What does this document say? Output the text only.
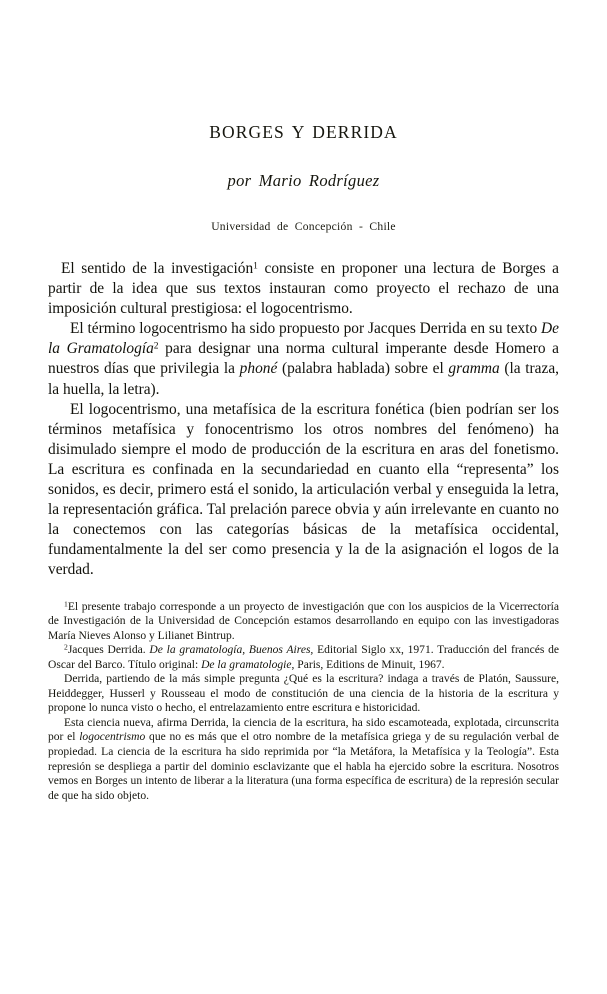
BORGES Y DERRIDA
por Mario Rodríguez
Universidad de Concepción - Chile

El sentido de la investigación$^1$ consiste en proponer una lectura de Borges a partir de la idea que sus textos instauran como proyecto el rechazo de una imposición cultural prestigiosa: el logocentrismo.

El término logocentrismo ha sido propuesto por Jacques Derrida en su texto De la Gramatología$^2$ para designar una norma cultural imperante desde Homero a nuestros días que privilegia la phoné (palabra hablada) sobre el gramma (la traza, la huella, la letra).

El logocentrismo, una metafísica de la escritura fonética (bien podrían ser los términos metafísica y fonocentrismo los otros nombres del fenómeno) ha disimulado siempre el modo de producción de la escritura en aras del fonetismo. La escritura es confinada en la secundariedad en cuanto ella “representa” los sonidos, es decir, primero está el sonido, la articulación verbal y enseguida la letra, la representación gráfica. Tal prelación parece obvia y aún irrelevante en cuanto no la conectemos con las categorías básicas de la metafísica occidental, fundamentalmente la del ser como presencia y la de la asignación el logos de la verdad.

$^1$El presente trabajo corresponde a un proyecto de investigación que con los auspicios de la Vicerrectoría de Investigación de la Universidad de Concepción estamos desarrollando en equipo con las investigadoras María Nieves Alonso y Lilianet Bintrup.

$^2$Jacques Derrida. De la gramatología, Buenos Aires, Editorial Siglo xx, 1971. Traducción del francés de Oscar del Barco. Título original: De la gramatologie, Paris, Editions de Minuit, 1967.

Derrida, partiendo de la más simple pregunta ¿Qué es la escritura? indaga a través de Platón, Saussure, Heiddegger, Husserl y Rousseau el modo de constitución de una ciencia de la historia de la escritura y propone lo nunca visto o hecho, el entrelazamiento entre escritura e historicidad.

Esta ciencia nueva, afirma Derrida, la ciencia de la escritura, ha sido escamoteada, explotada, circunscrita por el logocentrismo que no es más que el otro nombre de la metafísica griega y de su regulación verbal de propiedad. La ciencia de la escritura ha sido reprimida por “la Metáfora, la Metafísica y la Teología”. Esta represión se despliega a partir del dominio esclavizante que el habla ha ejercido sobre la escritura. Nosotros vemos en Borges un intento de liberar a la literatura (una forma específica de escritura) de la represión secular de que ha sido objeto.
